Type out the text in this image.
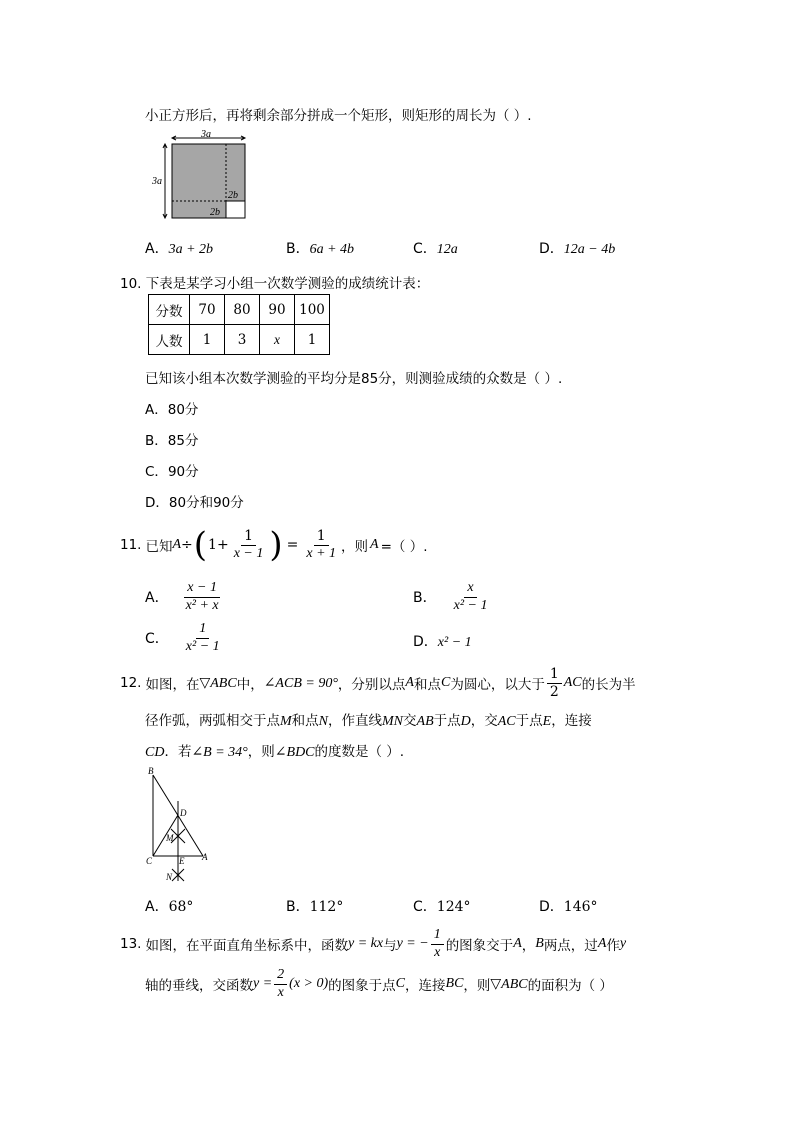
小正方形后，再将剩余部分拼成一个矩形，则矩形的周长为（ ）.
3a
3a
2b
2b
A．3a + 2b	B．6a + 4b	C．12a	D．12a − 4b
10. 下表是某学习小组一次数学测验的成绩统计表：
分数	70	80	90	100
人数	1	3	x	1
已知该小组本次数学测验的平均分是85分，则测验成绩的众数是（ ）.
A．80分
B．85分
C．90分
D．80分和90分
11. 已知 A ÷ ( $1+ \frac{1}{x - 1}$ ) = $\frac{1}{x + 1}$ ，则 A =（ ）.
A． $\frac{x - 1}{\text{x² + x}}$	B． $\frac{x}{\text{x² − 1}}$
C． $\frac{1}{\text{x² − 1}}$	D．x² − 1
12. 如图，在 ▽ABC 中， ∠ACB = 90° ，分别以点 A 和点 C 为圆心，以大于 $\frac{1}{2}$ AC 的长为半
径作弧，两弧相交于点M和点N，作直线MN交AB于点D，交AC于点E，连接
CD．若∠B = 34°，则∠BDC的度数是（ ）.
B
D
M
C	E A
N
A．68°	B．112°	C．124°	D．146°
13. 如图，在平面直角坐标系中，函数 y = kx 与 y = − $\frac{1}{x}$ 的图象交于 A ， B 两点，过 A 作 y
轴的垂线，交函数 $y = \frac{2}{x} (x > 0)$ 的图象于点 C ，连接 BC ，则 ▽ABC 的面积为（ ）
